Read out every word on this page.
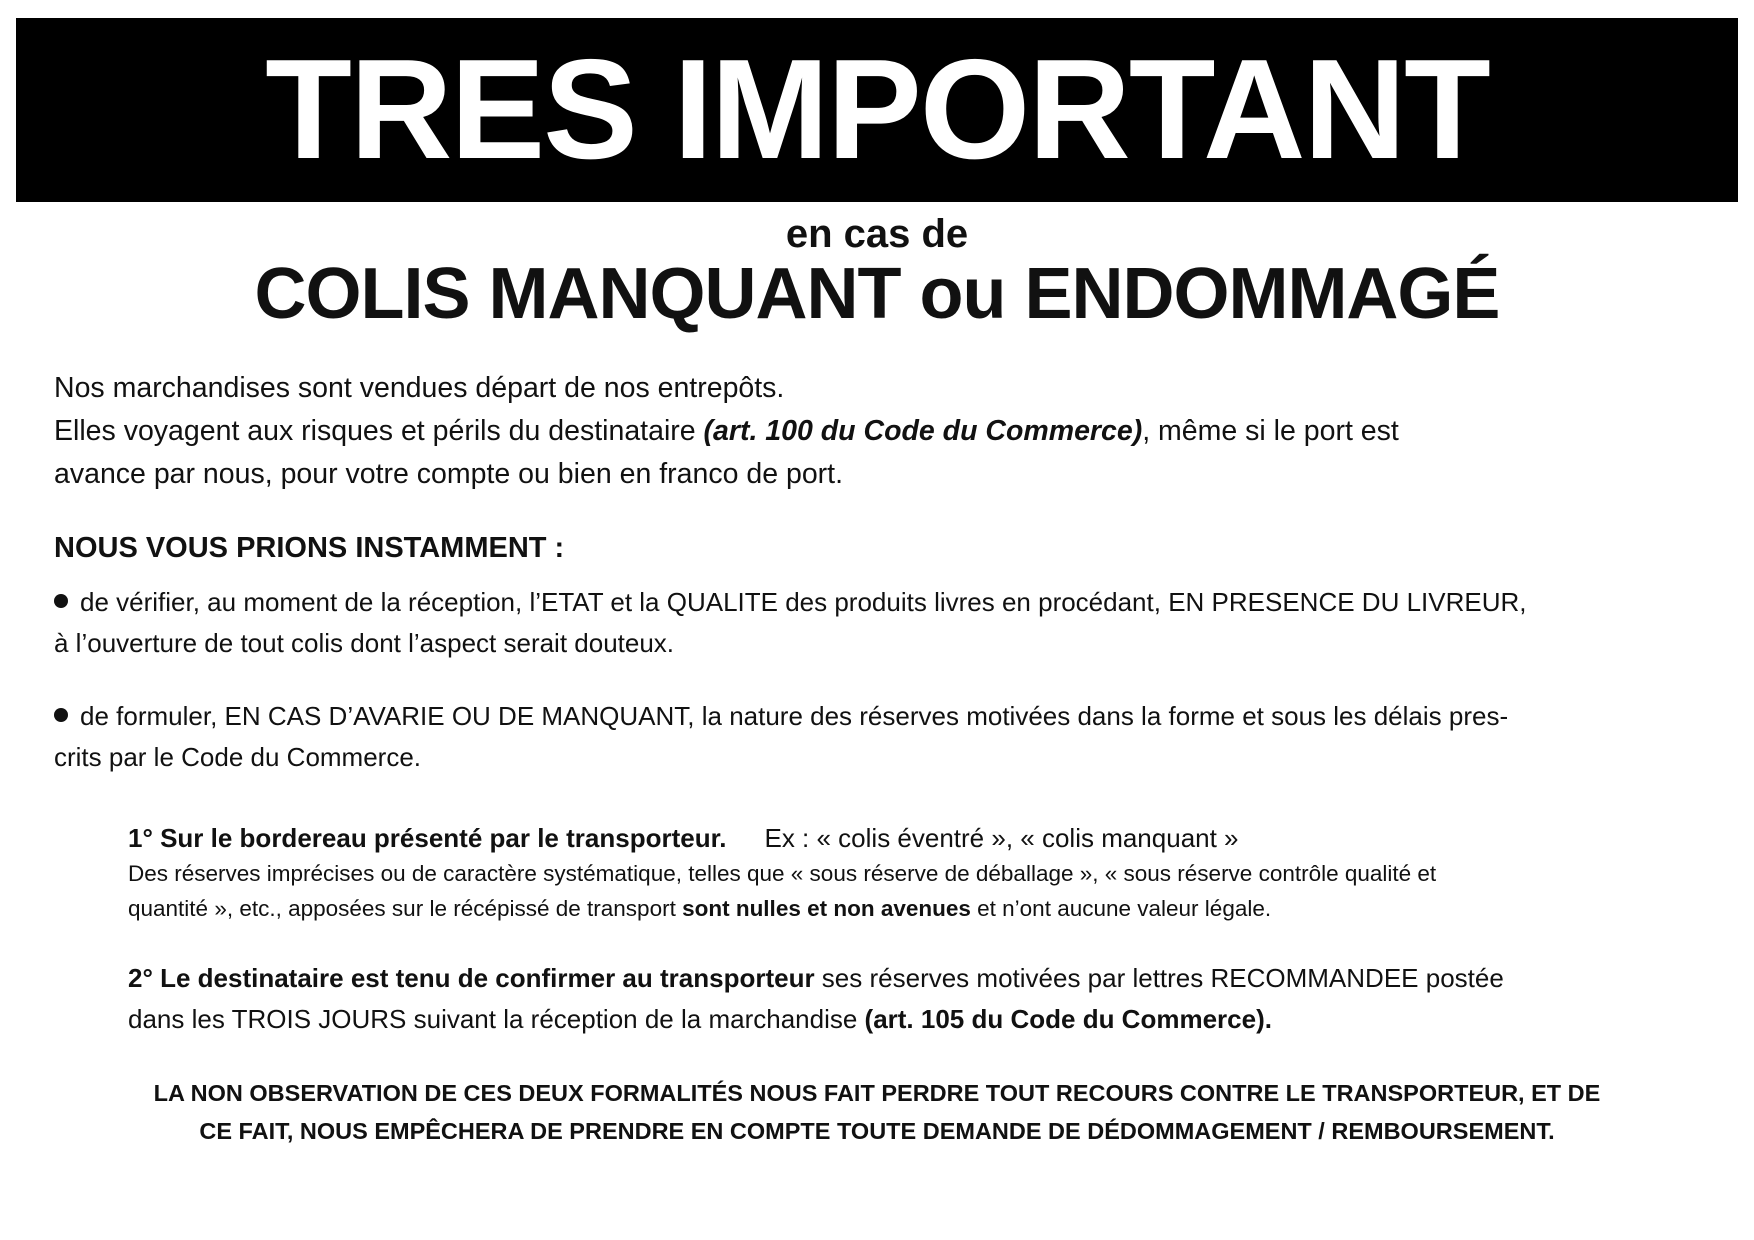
TRES IMPORTANT
en cas de
COLIS MANQUANT ou ENDOMMAGÉ
Nos marchandises sont vendues départ de nos entrepôts.
Elles voyagent aux risques et périls du destinataire (art. 100 du Code du Commerce), même si le port est
avance par nous, pour votre compte ou bien en franco de port.
NOUS VOUS PRIONS INSTAMMENT :
de vérifier, au moment de la réception, l’ETAT et la QUALITE des produits livres en procédant, EN PRESENCE DU LIVREUR,
à l’ouverture de tout colis dont l’aspect serait douteux.
de formuler, EN CAS D’AVARIE OU DE MANQUANT, la nature des réserves motivées dans la forme et sous les délais pres-
crits par le Code du Commerce.
1° Sur le bordereau présenté par le transporteur. Ex : « colis éventré », « colis manquant »
Des réserves imprécises ou de caractère systématique, telles que « sous réserve de déballage », « sous réserve contrôle qualité et
quantité », etc., apposées sur le récépissé de transport sont nulles et non avenues et n’ont aucune valeur légale.
2° Le destinataire est tenu de confirmer au transporteur ses réserves motivées par lettres RECOMMANDEE postée
dans les TROIS JOURS suivant la réception de la marchandise (art. 105 du Code du Commerce).
LA NON OBSERVATION DE CES DEUX FORMALITÉS NOUS FAIT PERDRE TOUT RECOURS CONTRE LE TRANSPORTEUR, ET DE
CE FAIT, NOUS EMPÊCHERA DE PRENDRE EN COMPTE TOUTE DEMANDE DE DÉDOMMAGEMENT / REMBOURSEMENT.
